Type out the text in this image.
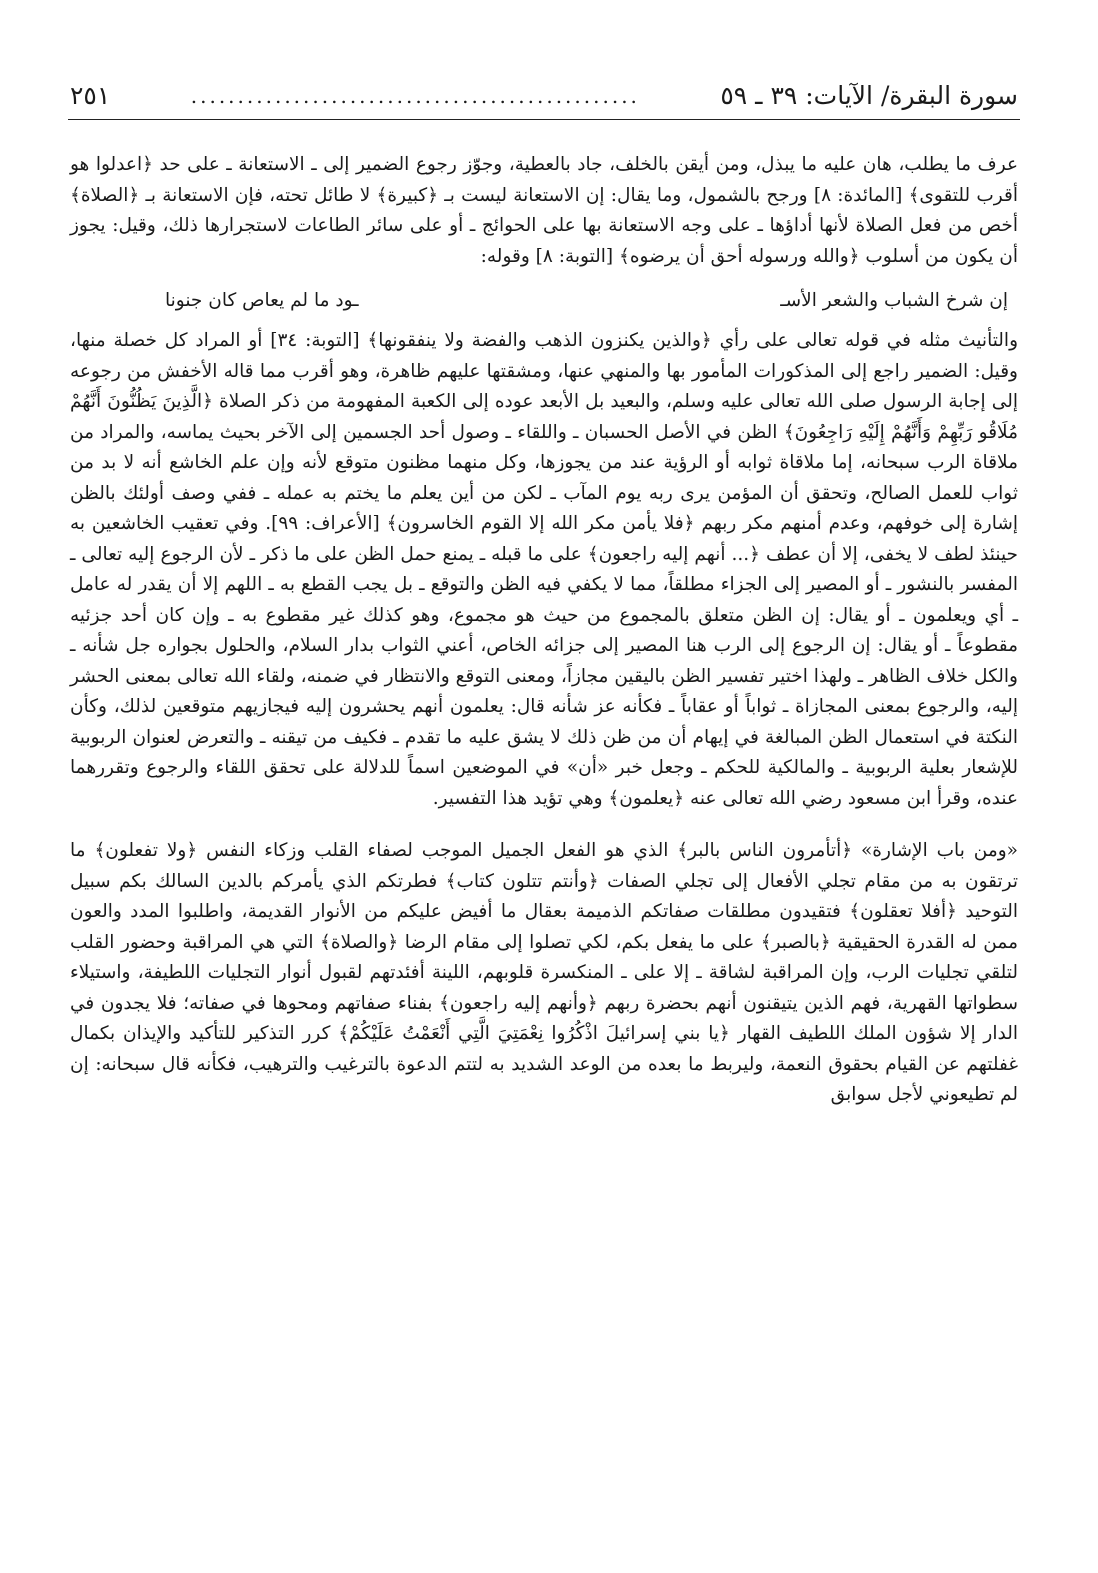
سورة البقرة/ الآيات: ٣٩ ـ ٥٩
................................................
٢٥١

عرف ما يطلب، هان عليه ما يبذل، ومن أيقن بالخلف، جاد بالعطية، وجوّز رجوع الضمير إلى ـ الاستعانة ـ على حد ﴿اعدلوا هو أقرب للتقوى﴾ [المائدة: ٨] ورجح بالشمول، وما يقال: إن الاستعانة ليست بـ ﴿كبيرة﴾ لا طائل تحته، فإن الاستعانة بـ ﴿الصلاة﴾ أخص من فعل الصلاة لأنها أداؤها ـ على وجه الاستعانة بها على الحوائج ـ أو على سائر الطاعات لاستجرارها ذلك، وقيل: يجوز أن يكون من أسلوب ﴿والله ورسوله أحق أن يرضوه﴾ [التوبة: ٨] وقوله:

إن شرخ الشباب والشعر الأسـ
ـود ما لم يعاص كان جنونا

والتأنيث مثله في قوله تعالى على رأي ﴿والذين يكنزون الذهب والفضة ولا ينفقونها﴾ [التوبة: ٣٤] أو المراد كل خصلة منها، وقيل: الضمير راجع إلى المذكورات المأمور بها والمنهي عنها، ومشقتها عليهم ظاهرة، وهو أقرب مما قاله الأخفش من رجوعه إلى إجابة الرسول صلى الله تعالى عليه وسلم، والبعيد بل الأبعد عوده إلى الكعبة المفهومة من ذكر الصلاة ﴿الَّذِينَ يَظُنُّونَ أَنَّهُمْ مُلَاقُو رَبِّهِمْ وَأَنَّهُمْ إِلَيْهِ رَاجِعُونَ﴾ الظن في الأصل الحسبان ـ واللقاء ـ وصول أحد الجسمين إلى الآخر بحيث يماسه، والمراد من ملاقاة الرب سبحانه، إما ملاقاة ثوابه أو الرؤية عند من يجوزها، وكل منهما مظنون متوقع لأنه وإن علم الخاشع أنه لا بد من ثواب للعمل الصالح، وتحقق أن المؤمن يرى ربه يوم المآب ـ لكن من أين يعلم ما يختم به عمله ـ ففي وصف أولئك بالظن إشارة إلى خوفهم، وعدم أمنهم مكر ربهم ﴿فلا يأمن مكر الله إلا القوم الخاسرون﴾ [الأعراف: ٩٩]. وفي تعقيب الخاشعين به حينئذ لطف لا يخفى، إلا أن عطف ﴿... أنهم إليه راجعون﴾ على ما قبله ـ يمنع حمل الظن على ما ذكر ـ لأن الرجوع إليه تعالى ـ المفسر بالنشور ـ أو المصير إلى الجزاء مطلقاً، مما لا يكفي فيه الظن والتوقع ـ بل يجب القطع به ـ اللهم إلا أن يقدر له عامل ـ أي ويعلمون ـ أو يقال: إن الظن متعلق بالمجموع من حيث هو مجموع، وهو كذلك غير مقطوع به ـ وإن كان أحد جزئيه مقطوعاً ـ أو يقال: إن الرجوع إلى الرب هنا المصير إلى جزائه الخاص، أعني الثواب بدار السلام، والحلول بجواره جل شأنه ـ والكل خلاف الظاهر ـ ولهذا اختير تفسير الظن باليقين مجازاً، ومعنى التوقع والانتظار في ضمنه، ولقاء الله تعالى بمعنى الحشر إليه، والرجوع بمعنى المجازاة ـ ثواباً أو عقاباً ـ فكأنه عز شأنه قال: يعلمون أنهم يحشرون إليه فيجازيهم متوقعين لذلك، وكأن النكتة في استعمال الظن المبالغة في إيهام أن من ظن ذلك لا يشق عليه ما تقدم ـ فكيف من تيقنه ـ والتعرض لعنوان الربوبية للإشعار بعلية الربوبية ـ والمالكية للحكم ـ وجعل خبر «أن» في الموضعين اسماً للدلالة على تحقق اللقاء والرجوع وتقررهما عنده، وقرأ ابن مسعود رضي الله تعالى عنه ﴿يعلمون﴾ وهي تؤيد هذا التفسير.

«ومن باب الإشارة» ﴿أتأمرون الناس بالبر﴾ الذي هو الفعل الجميل الموجب لصفاء القلب وزكاء النفس ﴿ولا تفعلون﴾ ما ترتقون به من مقام تجلي الأفعال إلى تجلي الصفات ﴿وأنتم تتلون كتاب﴾ فطرتكم الذي يأمركم بالدين السالك بكم سبيل التوحيد ﴿أفلا تعقلون﴾ فتقيدون مطلقات صفاتكم الذميمة بعقال ما أفيض عليكم من الأنوار القديمة، واطلبوا المدد والعون ممن له القدرة الحقيقية ﴿بالصبر﴾ على ما يفعل بكم، لكي تصلوا إلى مقام الرضا ﴿والصلاة﴾ التي هي المراقبة وحضور القلب لتلقي تجليات الرب، وإن المراقبة لشاقة ـ إلا على ـ المنكسرة قلوبهم، اللينة أفئدتهم لقبول أنوار التجليات اللطيفة، واستيلاء سطواتها القهرية، فهم الذين يتيقنون أنهم بحضرة ربهم ﴿وأنهم إليه راجعون﴾ بفناء صفاتهم ومحوها في صفاته؛ فلا يجدون في الدار إلا شؤون الملك اللطيف القهار ﴿يا بني إسرائيلَ اذْكُرُوا نِعْمَتِيَ الَّتِي أَنْعَمْتُ عَلَيْكُمْ﴾ كرر التذكير للتأكيد والإيذان بكمال غفلتهم عن القيام بحقوق النعمة، وليربط ما بعده من الوعد الشديد به لتتم الدعوة بالترغيب والترهيب، فكأنه قال سبحانه: إن لم تطيعوني لأجل سوابق
